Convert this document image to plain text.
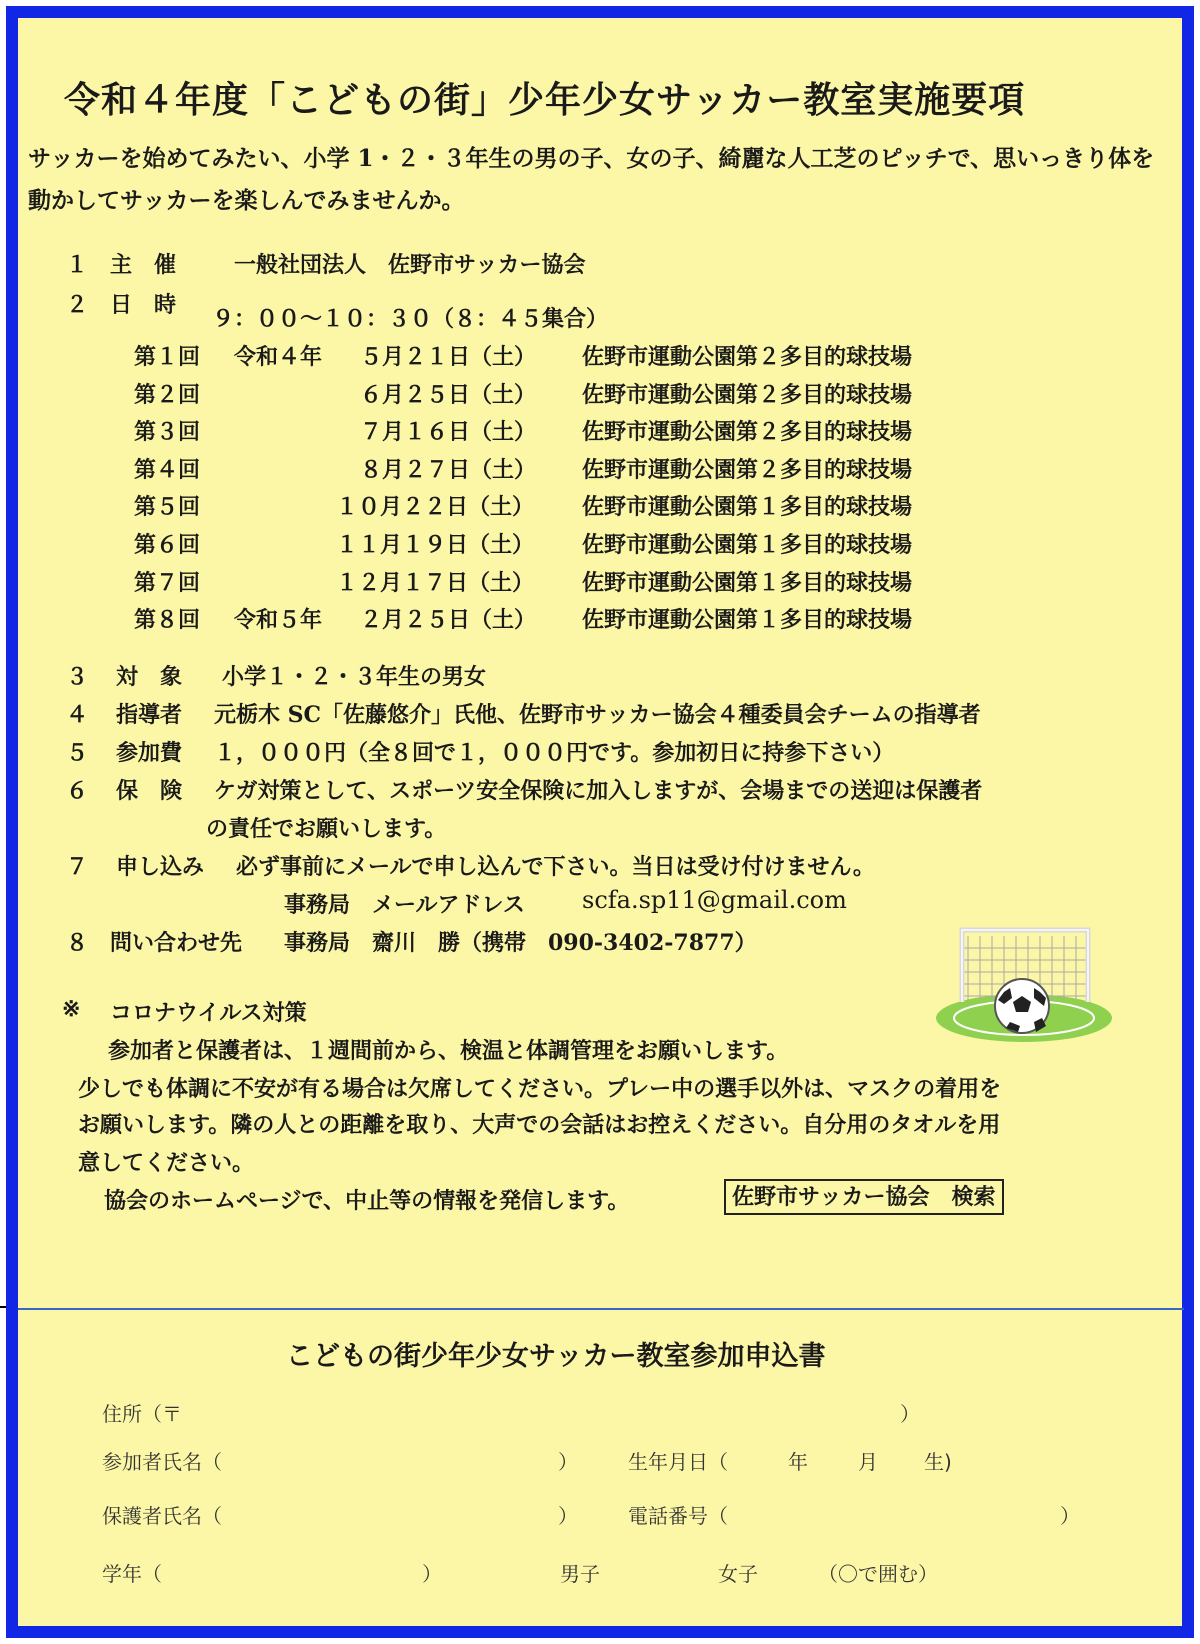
令和４年度「こどもの街」少年少女サッカー教室実施要項
サッカーを始めてみたい、小学 1・２・３年生の男の子、女の子、綺麗な人工芝のピッチで、思いっきり体を動かしてサッカーを楽しんでみませんか。
１ 主　催	一般社団法人　佐野市サッカー協会
２ 日　時
９：００～１０：３０（８：４５集合）
第１回 令和４年 ５月２１日（土） 佐野市運動公園第２多目的球技場
第２回	６月２５日（土） 佐野市運動公園第２多目的球技場
第３回	７月１６日（土） 佐野市運動公園第２多目的球技場
第４回	８月２７日（土） 佐野市運動公園第２多目的球技場
第５回	１０月２２日（土） 佐野市運動公園第１多目的球技場
第６回	１１月１９日（土） 佐野市運動公園第１多目的球技場
第７回	１２月１７日（土） 佐野市運動公園第１多目的球技場
第８回 令和５年 ２月２５日（土） 佐野市運動公園第１多目的球技場
３ 対　象 小学１・２・３年生の男女
４ 指導者 元栃木 SC「佐藤悠介」氏他、佐野市サッカー協会４種委員会チームの指導者
５ 参加費 １，０００円（全８回で１，０００円です。参加初日に持参下さい）
６ 保　険 ケガ対策として、スポーツ安全保険に加入しますが、会場までの送迎は保護者
の責任でお願いします。
７ 申し込み 必ず事前にメールで申し込んで下さい。当日は受け付けません。
事務局　メールアドレス scfa.sp11@gmail.com
８ 問い合わせ先 事務局　齋川　勝（携帯　090-3402-7877）
※ コロナウイルス対策
参加者と保護者は、１週間前から、検温と体調管理をお願いします。
少しでも体調に不安が有る場合は欠席してください。プレー中の選手以外は、マスクの着用を
お願いします。隣の人との距離を取り、大声での会話はお控えください。自分用のタオルを用
意してください。
協会のホームページで、中止等の情報を発信します。	佐野市サッカー協会　検索
こどもの街少年少女サッカー教室参加申込書
住所（〒	）
参加者氏名（	）	生年月日（	年	月 生)
保護者氏名（	）	電話番号（	）
学年（	）	男子	女子	（〇で囲む）
